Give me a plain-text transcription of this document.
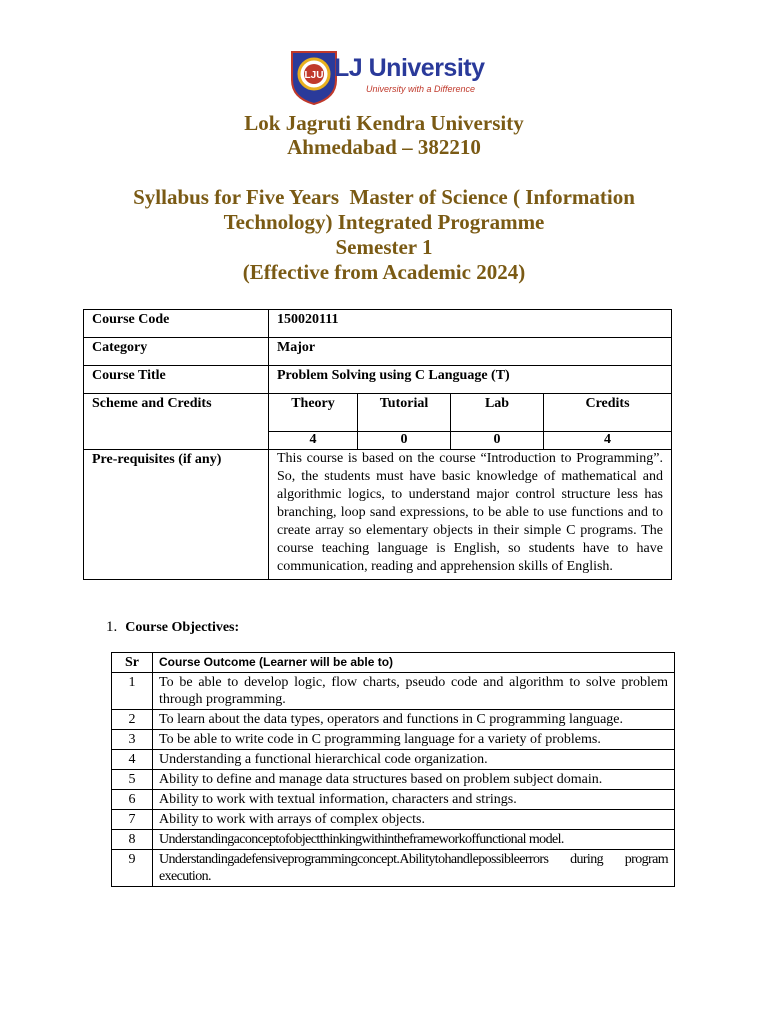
LJU LJ University
University with a Difference
Lok Jagruti Kendra University
Ahmedabad – 382210
Syllabus for Five Years  Master of Science ( Information
Technology) Integrated Programme
Semester 1
(Effective from Academic 2024)
Course Code	150020111			
Category	Major			
Course Title	Problem Solving using C Language (T)			
Scheme and Credits	Theory	Tutorial	Lab	Credits
	4	0	0	4
Pre-requisites (if any)	This course is based on the course “Introduction to Programming”. So, the students must have basic knowledge of mathematical and algorithmic logics, to understand major control structure less has branching, loop sand expressions, to be able to use functions and to create array so elementary objects in their simple C programs. The course teaching language is English, so students have to have communication, reading and apprehension skills of English.			
1. Course Objectives:
Sr	Course Outcome (Learner will be able to)
1	To be able to develop logic, flow charts, pseudo code and algorithm to solve problem through programming.
2	To learn about the data types, operators and functions in C programming language.
3	To be able to write code in C programming language for a variety of problems.
4	Understanding a functional hierarchical code organization.
5	Ability to define and manage data structures based on problem subject domain.
6	Ability to work with textual information, characters and strings.
7	Ability to work with arrays of complex objects.
8	Understandingaconceptofobjectthinkingwithintheframeworkoffunctional model.
9	Understandingadefensiveprogrammingconcept.Abilitytohandlepossibleerrors during program execution.
